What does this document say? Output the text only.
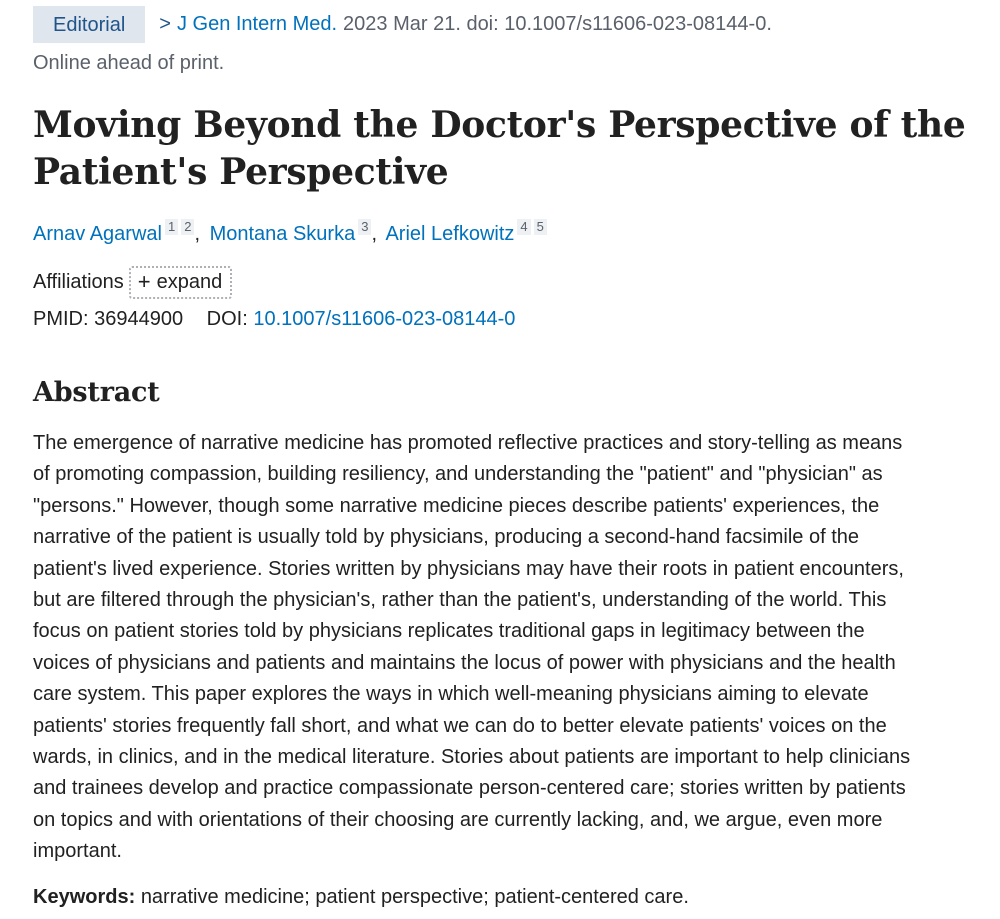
Editorial	> J Gen Intern Med. 2023 Mar 21. doi: 10.1007/s11606-023-08144-0.
Online ahead of print.
Moving Beyond the Doctor's Perspective of the
Patient's Perspective
Arnav Agarwal 1 2 , Montana Skurka 3 , Ariel Lefkowitz 4 5
Affiliations + expand
PMID: 36944900 DOI: 10.1007/s11606-023-08144-0
Abstract
The emergence of narrative medicine has promoted reflective practices and story-telling as means
of promoting compassion, building resiliency, and understanding the "patient" and "physician" as
"persons." However, though some narrative medicine pieces describe patients' experiences, the
narrative of the patient is usually told by physicians, producing a second-hand facsimile of the
patient's lived experience. Stories written by physicians may have their roots in patient encounters,
but are filtered through the physician's, rather than the patient's, understanding of the world. This
focus on patient stories told by physicians replicates traditional gaps in legitimacy between the
voices of physicians and patients and maintains the locus of power with physicians and the health
care system. This paper explores the ways in which well-meaning physicians aiming to elevate
patients' stories frequently fall short, and what we can do to better elevate patients' voices on the
wards, in clinics, and in the medical literature. Stories about patients are important to help clinicians
and trainees develop and practice compassionate person-centered care; stories written by patients
on topics and with orientations of their choosing are currently lacking, and, we argue, even more
important.
Keywords: narrative medicine; patient perspective; patient-centered care.
